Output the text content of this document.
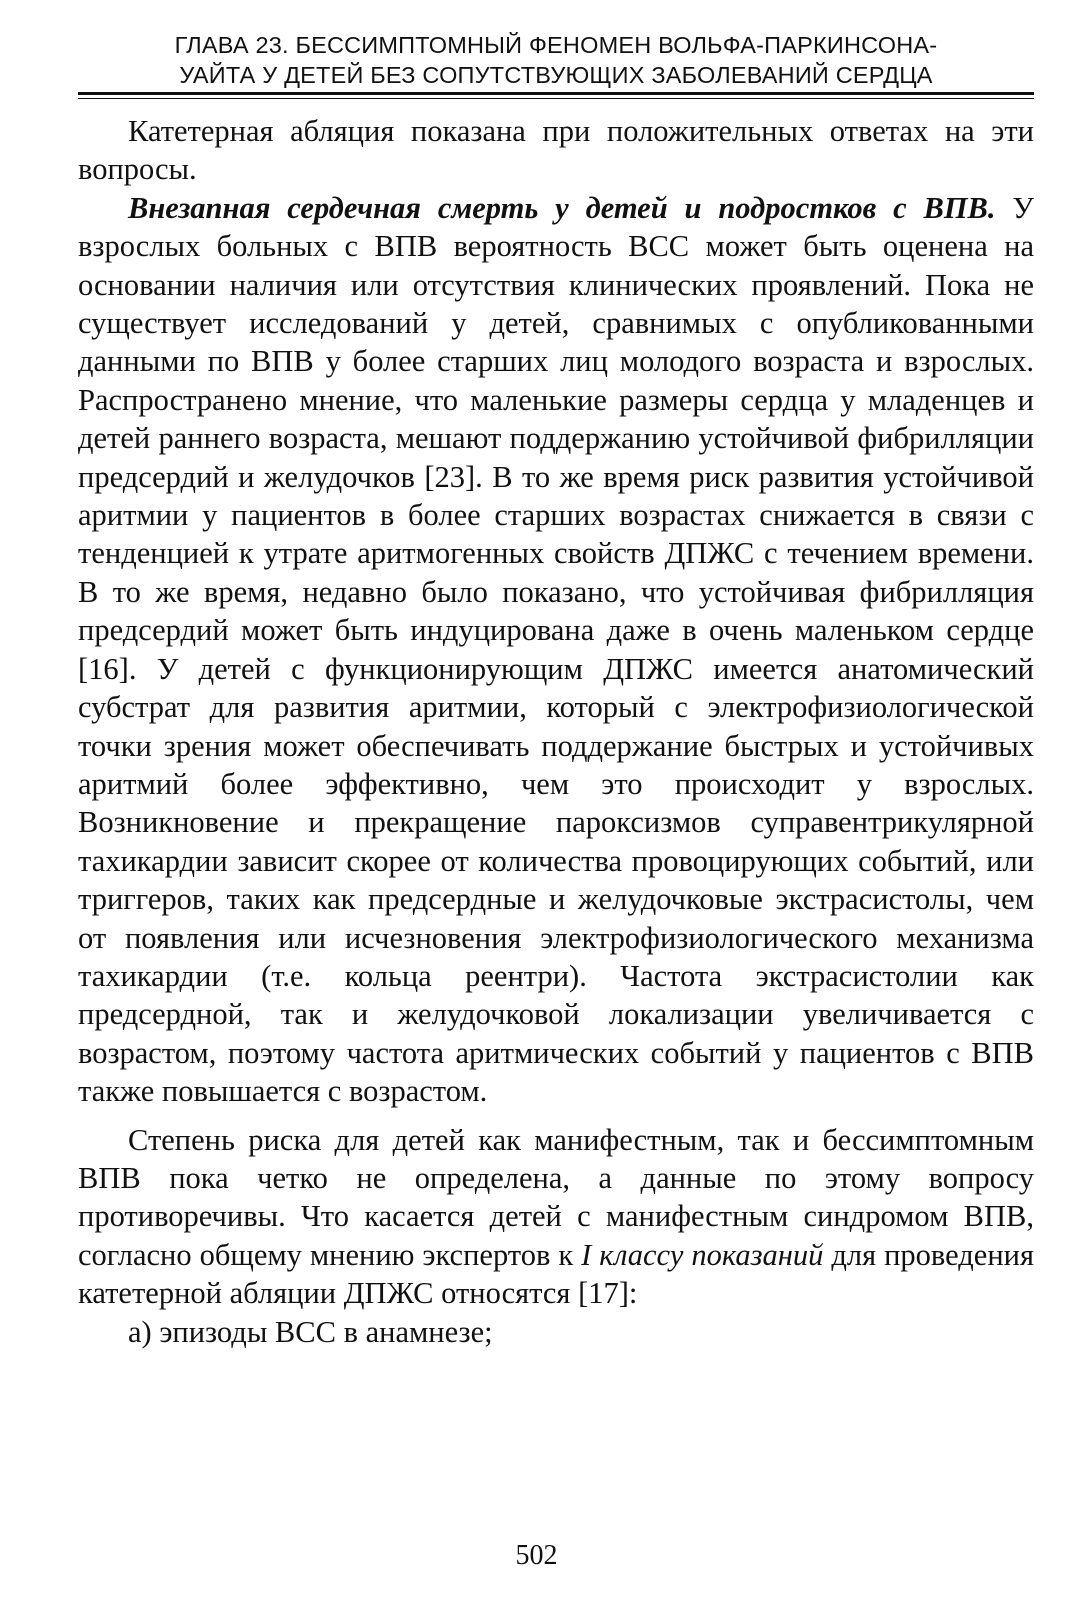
ГЛАВА 23. БЕССИМПТОМНЫЙ ФЕНОМЕН ВОЛЬФА-ПАРКИНСОНА-
УАЙТА У ДЕТЕЙ БЕЗ СОПУТСТВУЮЩИХ ЗАБОЛЕВАНИЙ СЕРДЦА

Катетерная абляция показана при положительных ответах на эти вопросы.

Внезапная сердечная смерть у детей и подростков с ВПВ. У взрослых больных с ВПВ вероятность ВСС может быть оценена на основании наличия или отсутствия клинических проявлений. Пока не существует исследований у детей, сравнимых с опубликованными данными по ВПВ у более старших лиц молодого возраста и взрослых. Распространено мнение, что маленькие размеры сердца у младенцев и детей раннего возраста, мешают поддержанию устойчивой фибрилляции предсердий и желудочков [23]. В то же время риск развития устойчивой аритмии у пациентов в более старших возрастах снижается в связи с тенденцией к утрате аритмогенных свойств ДПЖС с течением времени. В то же время, недавно было показано, что устойчивая фибрилляция предсердий может быть индуцирована даже в очень маленьком сердце [16]. У детей с функционирующим ДПЖС имеется анатомический субстрат для развития аритмии, который с электрофизиологической точки зрения может обеспечивать поддержание быстрых и устойчивых аритмий более эффективно, чем это происходит у взрослых. Возникновение и прекращение пароксизмов суправентрикулярной тахикардии зависит скорее от количества провоцирующих событий, или триггеров, таких как предсердные и желудочковые экстрасистолы, чем от появления или исчезновения электрофизиологического механизма тахикардии (т.е. кольца реентри). Частота экстрасистолии как предсердной, так и желудочковой локализации увеличивается с возрастом, поэтому частота аритмических событий у пациентов с ВПВ также повышается с возрастом.

Степень риска для детей как манифестным, так и бессимптомным ВПВ пока четко не определена, а данные по этому вопросу противоречивы. Что касается детей с манифестным синдромом ВПВ, согласно общему мнению экспертов к I классу показаний для проведения катетерной абляции ДПЖС относятся [17]:

а) эпизоды ВСС в анамнезе;

502
